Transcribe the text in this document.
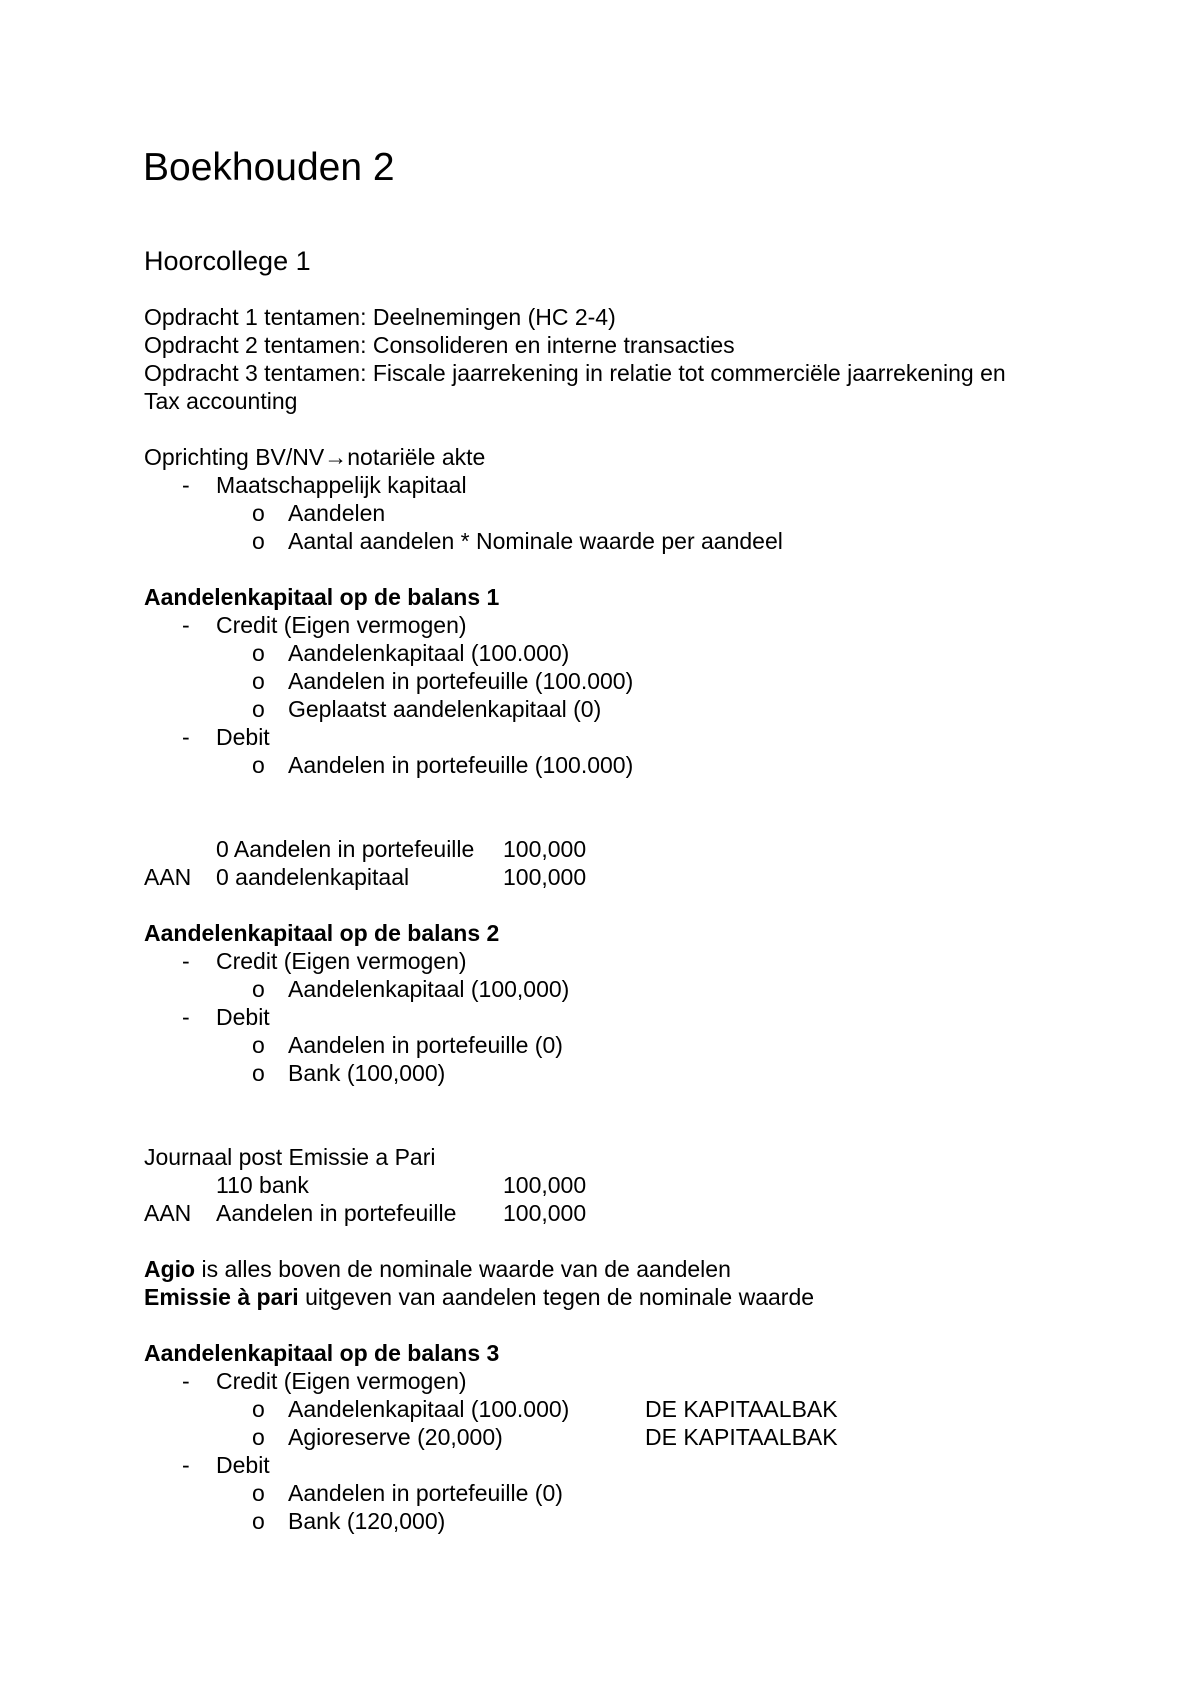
Boekhouden 2
Hoorcollege 1
Opdracht 1 tentamen: Deelnemingen (HC 2-4)
Opdracht 2 tentamen: Consolideren en interne transacties
Opdracht 3 tentamen: Fiscale jaarrekening in relatie tot commerciële jaarrekening en
Tax accounting
Oprichting BV/NV→notariële akte
- Maatschappelijk kapitaal
o Aandelen
o Aantal aandelen * Nominale waarde per aandeel
Aandelenkapitaal op de balans 1
- Credit (Eigen vermogen)
o Aandelenkapitaal (100.000)
o Aandelen in portefeuille (100.000)
o Geplaatst aandelenkapitaal (0)
- Debit
o Aandelen in portefeuille (100.000)
0 Aandelen in portefeuille 100,000
AAN 0 aandelenkapitaal	100,000
Aandelenkapitaal op de balans 2
- Credit (Eigen vermogen)
o Aandelenkapitaal (100,000)
- Debit
o Aandelen in portefeuille (0)
o Bank (100,000)
Journaal post Emissie a Pari
110 bank	100,000
AAN Aandelen in portefeuille 100,000
Agio is alles boven de nominale waarde van de aandelen
Emissie à pari uitgeven van aandelen tegen de nominale waarde
Aandelenkapitaal op de balans 3
- Credit (Eigen vermogen)
o Aandelenkapitaal (100.000)	DE KAPITAALBAK
o Agioreserve (20,000)	DE KAPITAALBAK
- Debit
o Aandelen in portefeuille (0)
o Bank (120,000)
